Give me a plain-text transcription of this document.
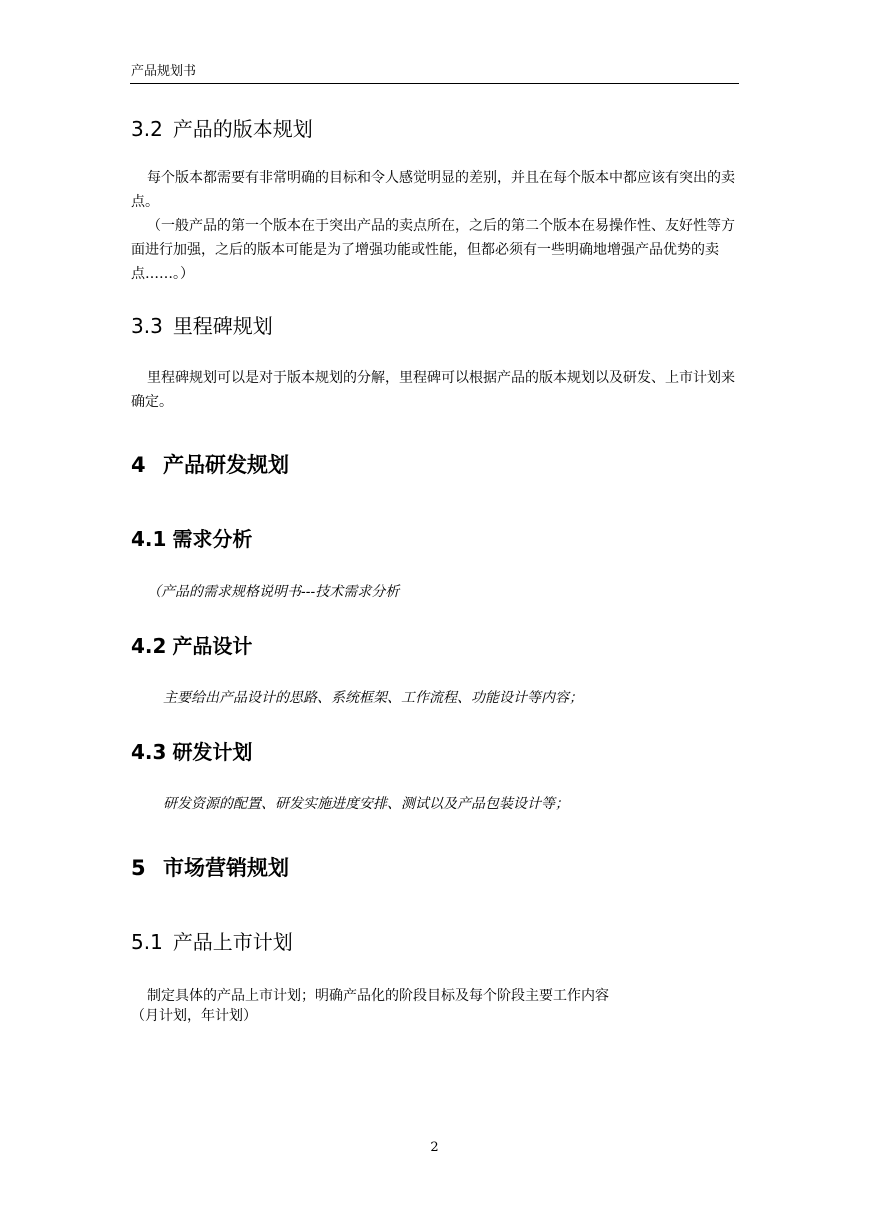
产品规划书
3.2 产品的版本规划

每个版本都需要有非常明确的目标和令人感觉明显的差别，并且在每个版本中都应该有突出的卖点。

（一般产品的第一个版本在于突出产品的卖点所在，之后的第二个版本在易操作性、友好性等方面进行加强，之后的版本可能是为了增强功能或性能，但都必须有一些明确地增强产品优势的卖点……。）

3.3 里程碑规划

里程碑规划可以是对于版本规划的分解，里程碑可以根据产品的版本规划以及研发、上市计划来确定。

4 产品研发规划
4.1 需求分析

（产品的需求规格说明书---技术需求分析

4.2 产品设计

主要给出产品设计的思路、系统框架、工作流程、功能设计等内容；

4.3 研发计划

研发资源的配置、研发实施进度安排、测试以及产品包装设计等；

5 市场营销规划
5.1 产品上市计划

制定具体的产品上市计划；明确产品化的阶段目标及每个阶段主要工作内容

（月计划，年计划）

2
